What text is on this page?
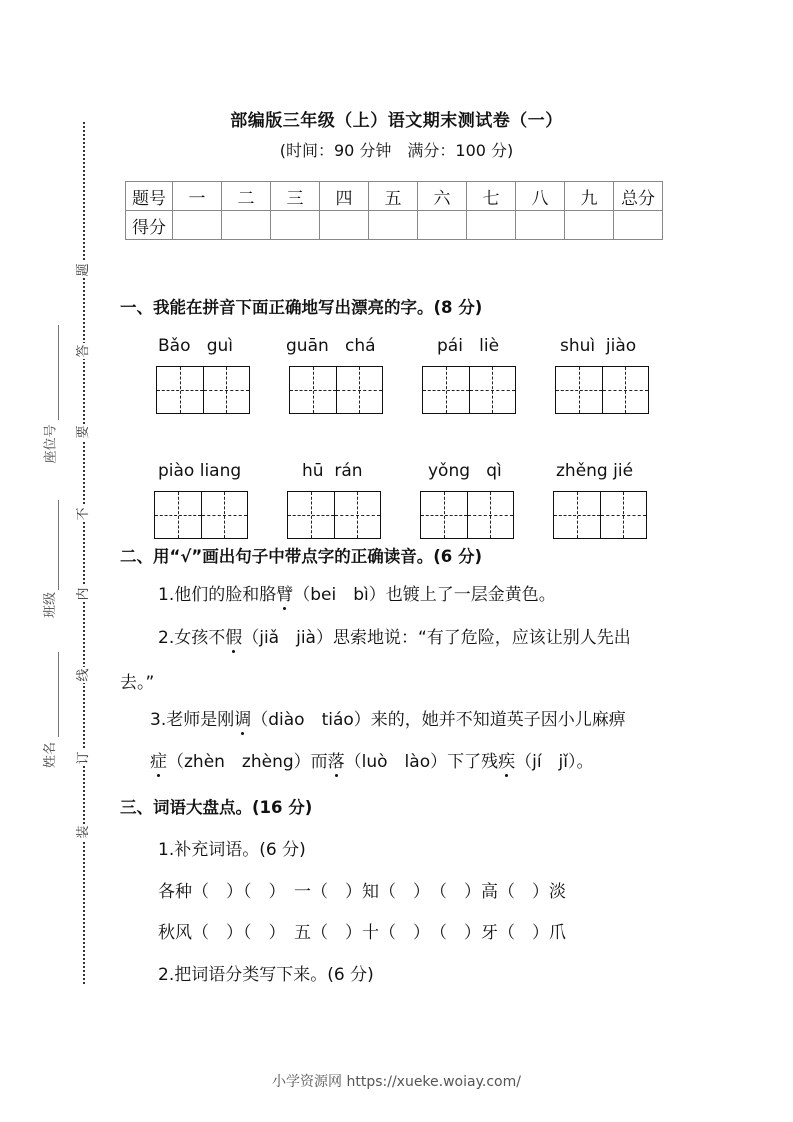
题
答
要
不
内
线
订
装
座位号
班级
姓名
部编版三年级（上）语文期末测试卷（一）
(时间：90 分钟　满分：100 分)
题号	一	二	三	四	五	六	七	八	九	总分
得分										
一、我能在拼音下面正确地写出漂亮的字。(8 分)
Bǎo   guì	guān   chá	pái   liè	shuì  jiào
piào liang	hū  rán	yǒng   qì	zhěng jié
二、用“√”画出句子中带点字的正确读音。(6 分)
1.他们的脸和胳臂（bei　bì）也镀上了一层金黄色。
2.女孩不假（jiǎ　jià）思索地说：“有了危险，应该让别人先出
去。”
3.老师是刚调（diào　tiáo）来的，她并不知道英子因小儿麻痹
症（zhèn　zhèng）而落（luò　lào）下了残疾（jí　jǐ）。
三、词语大盘点。(16 分)
1.补充词语。(6 分)
各种（　）（　）　一（　）知（　）　（　）高（　）淡
秋风（　）（　）　五（　）十（　）　（　）牙（　）爪
2.把词语分类写下来。(6 分)
小学资源网 https://xueke.woiay.com/
